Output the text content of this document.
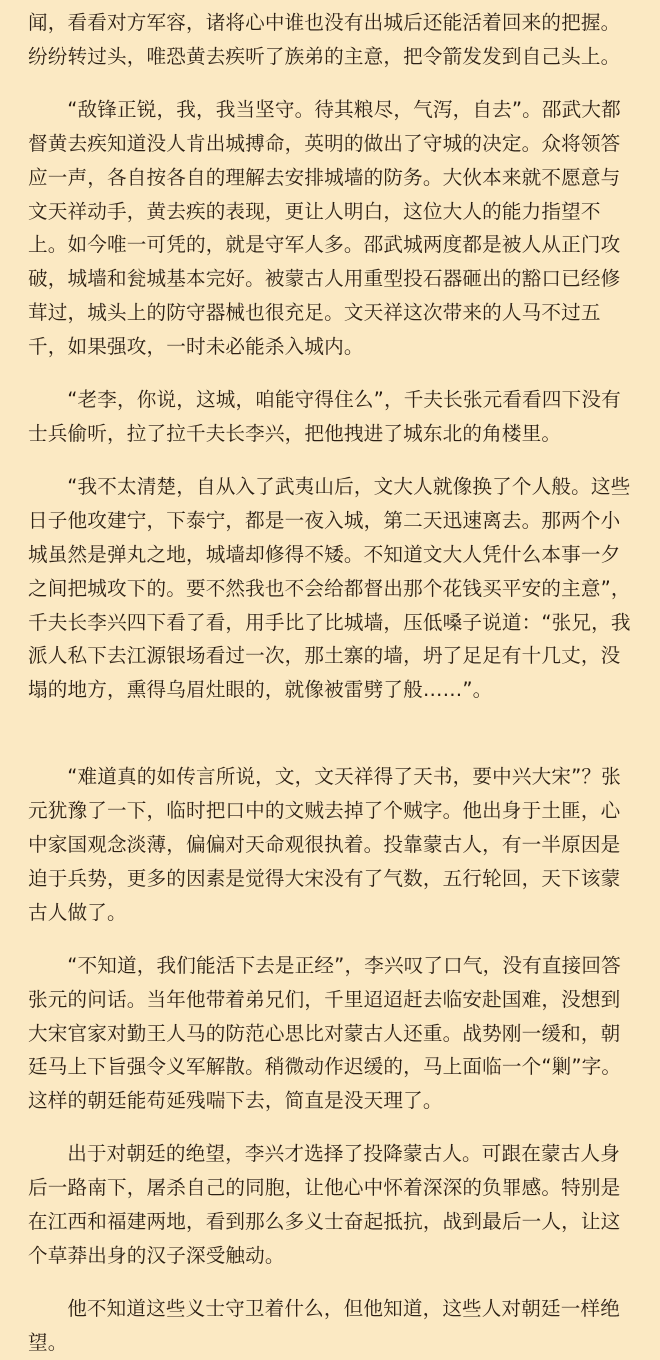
闻，看看对方军容，诸将心中谁也没有出城后还能活着回来的把握。纷纷转过头，唯恐黄去疾听了族弟的主意，把令箭发发到自己头上。

“敌锋正锐，我，我当坚守。待其粮尽，气泻，自去”。邵武大都督黄去疾知道没人肯出城搏命，英明的做出了守城的决定。众将领答应一声，各自按各自的理解去安排城墙的防务。大伙本来就不愿意与文天祥动手，黄去疾的表现，更让人明白，这位大人的能力指望不上。如今唯一可凭的，就是守军人多。邵武城两度都是被人从正门攻破，城墙和瓮城基本完好。被蒙古人用重型投石器砸出的豁口已经修茸过，城头上的防守器械也很充足。文天祥这次带来的人马不过五千，如果强攻，一时未必能杀入城内。

“老李，你说，这城，咱能守得住么”，千夫长张元看看四下没有士兵偷听，拉了拉千夫长李兴，把他拽进了城东北的角楼里。

“我不太清楚，自从入了武夷山后，文大人就像换了个人般。这些日子他攻建宁，下泰宁，都是一夜入城，第二天迅速离去。那两个小城虽然是弹丸之地，城墙却修得不矮。不知道文大人凭什么本事一夕之间把城攻下的。要不然我也不会给都督出那个花钱买平安的主意”，千夫长李兴四下看了看，用手比了比城墙，压低嗓子说道：“张兄，我派人私下去江源银场看过一次，那土寨的墙，坍了足足有十几丈，没塌的地方，熏得乌眉灶眼的，就像被雷劈了般……”。

“难道真的如传言所说，文，文天祥得了天书，要中兴大宋”？张元犹豫了一下，临时把口中的文贼去掉了个贼字。他出身于土匪，心中家国观念淡薄，偏偏对天命观很执着。投靠蒙古人，有一半原因是迫于兵势，更多的因素是觉得大宋没有了气数，五行轮回，天下该蒙古人做了。

“不知道，我们能活下去是正经”，李兴叹了口气，没有直接回答张元的问话。当年他带着弟兄们，千里迢迢赶去临安赴国难，没想到大宋官家对勤王人马的防范心思比对蒙古人还重。战势刚一缓和，朝廷马上下旨强令义军解散。稍微动作迟缓的，马上面临一个“剿”字。这样的朝廷能苟延残喘下去，简直是没天理了。

出于对朝廷的绝望，李兴才选择了投降蒙古人。可跟在蒙古人身后一路南下，屠杀自己的同胞，让他心中怀着深深的负罪感。特别是在江西和福建两地，看到那么多义士奋起抵抗，战到最后一人，让这个草莽出身的汉子深受触动。

他不知道这些义士守卫着什么，但他知道，这些人对朝廷一样绝望。
